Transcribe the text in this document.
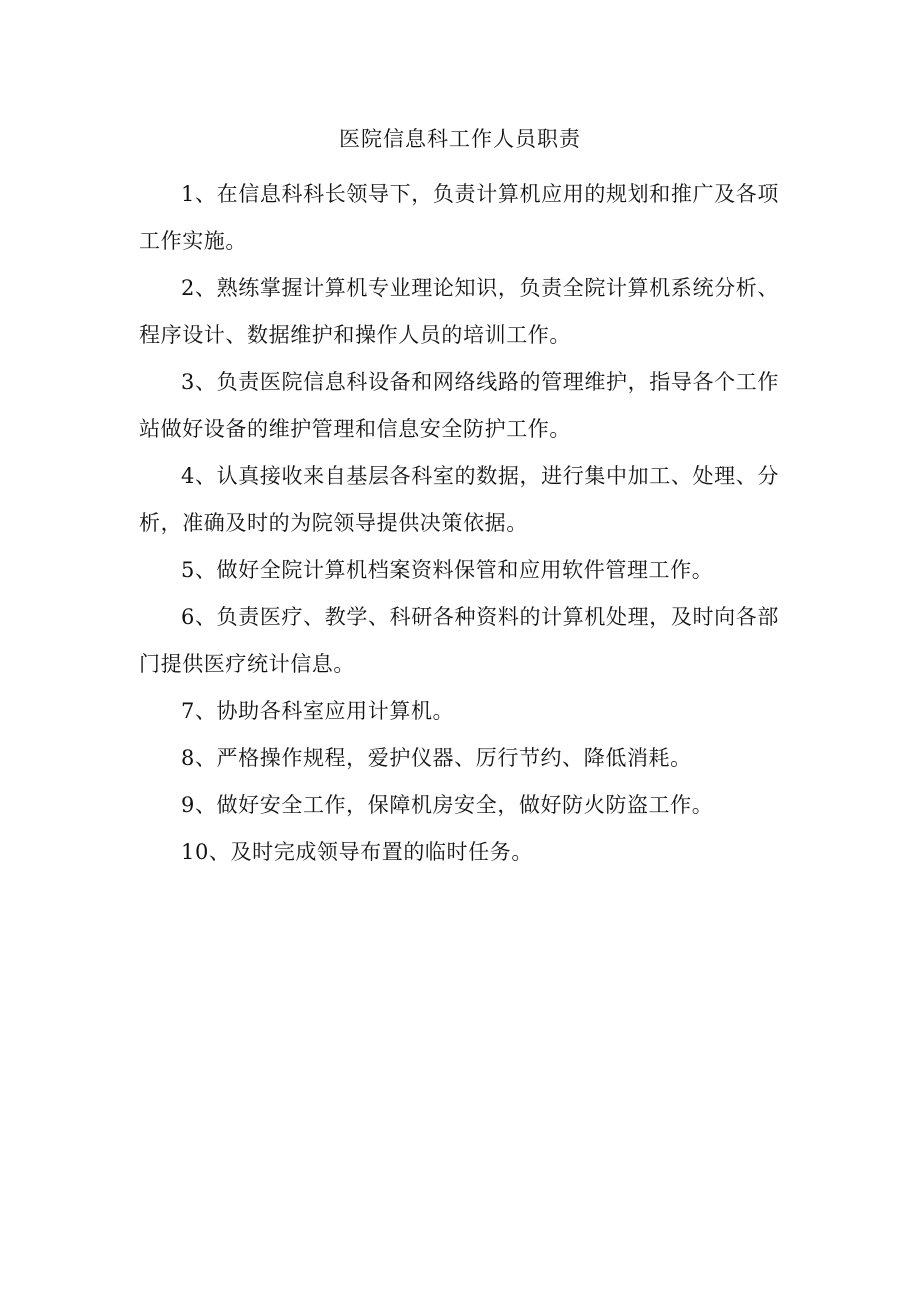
医院信息科工作人员职责

1、在信息科科长领导下，负责计算机应用的规划和推广及各项工作实施。

2、熟练掌握计算机专业理论知识，负责全院计算机系统分析、程序设计、数据维护和操作人员的培训工作。

3、负责医院信息科设备和网络线路的管理维护，指导各个工作站做好设备的维护管理和信息安全防护工作。

4、认真接收来自基层各科室的数据，进行集中加工、处理、分析，准确及时的为院领导提供决策依据。

5、做好全院计算机档案资料保管和应用软件管理工作。

6、负责医疗、教学、科研各种资料的计算机处理，及时向各部门提供医疗统计信息。

7、协助各科室应用计算机。

8、严格操作规程，爱护仪器、厉行节约、降低消耗。

9、做好安全工作，保障机房安全，做好防火防盗工作。

10、及时完成领导布置的临时任务。
